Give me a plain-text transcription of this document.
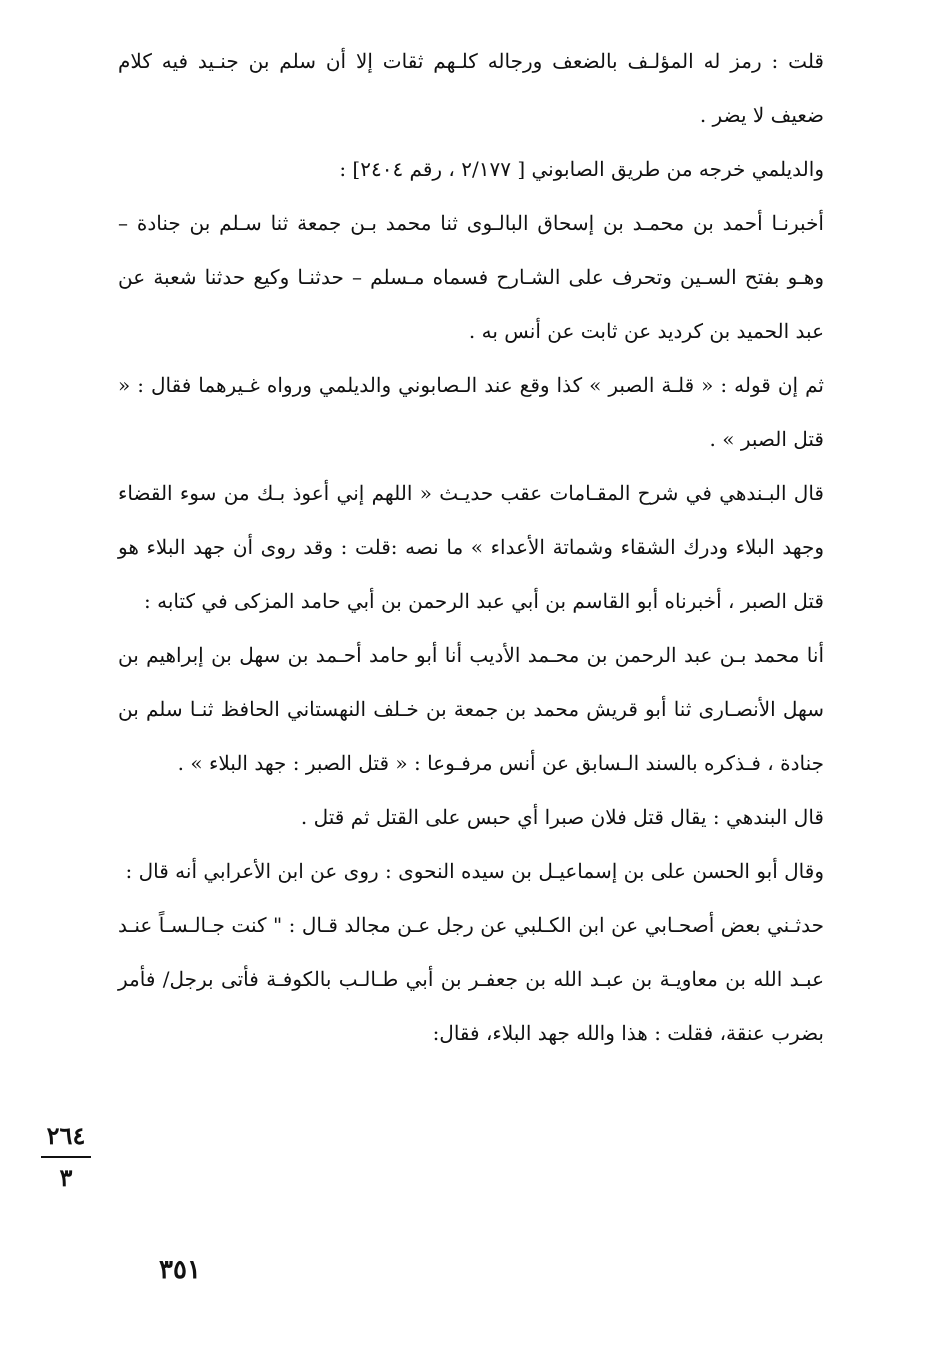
قلت : رمز له المؤلـف بالضعف ورجاله كلـهم ثقات إلا أن سلم بن جنـيد فيه كلام ضعيف لا يضر .

والديلمي خرجه من طريق الصابوني [ ٢/١٧٧ ، رقم ٢٤٠٤] :

أخبرنـا أحمد بن محمـد بن إسحاق البالـوى ثنا محمد بـن جمعة ثنا سـلم بن جنادة – وهـو بفتح السـين وتحرف على الشـارح فسماه مـسلم – حدثنـا وكيع حدثنا شعبة عن عبد الحميد بن كرديد عن ثابت عن أنس به .

ثم إن قوله : « قلـة الصبر » كذا وقع عند الـصابوني والديلمي ورواه غـيرهما فقال : « قتل الصبر » .

قال البـندهي في شرح المقـامات عقب حديـث « اللهم إني أعوذ بـك من سوء القضاء وجهد البلاء ودرك الشقاء وشماتة الأعداء » ما نصه :قلت : وقد روى أن جهد البلاء هو قتل الصبر ، أخبرناه أبو القاسم بن أبي عبد الرحمن بن أبي حامد المزكى في كتابه :

أنا محمد بـن عبد الرحمن بن محـمد الأديب أنا أبو حامد أحـمد بن سهل بن إبراهيم بن سهل الأنصـارى ثنا أبو قريش محمد بن جمعة بن خـلف النهستاني الحافظ ثنـا سلم بن جنادة ، فـذكره بالسند الـسابق عن أنس مرفـوعا : « قتل الصبر : جهد البلاء » .

قال البندهي : يقال قتل فلان صبرا أي حبس على القتل ثم قتل .

وقال أبو الحسن على بن إسماعيـل بن سيده النحوى : روى عن ابن الأعرابي أنه قال :

حدثـني بعض أصحـابي عن ابن الكـلبي عن رجل عـن مجالد قـال : " كنت جـالـسـاً عنـد عبـد الله بن معاويـة بن عبـد الله بن جعفـر بن أبي طـالـب بالكوفـة فأتى برجل/ فأمر بضرب عنقة، فقلت : هذا والله جهد البلاء، فقال:

٢٦٤
٣
٣٥١
